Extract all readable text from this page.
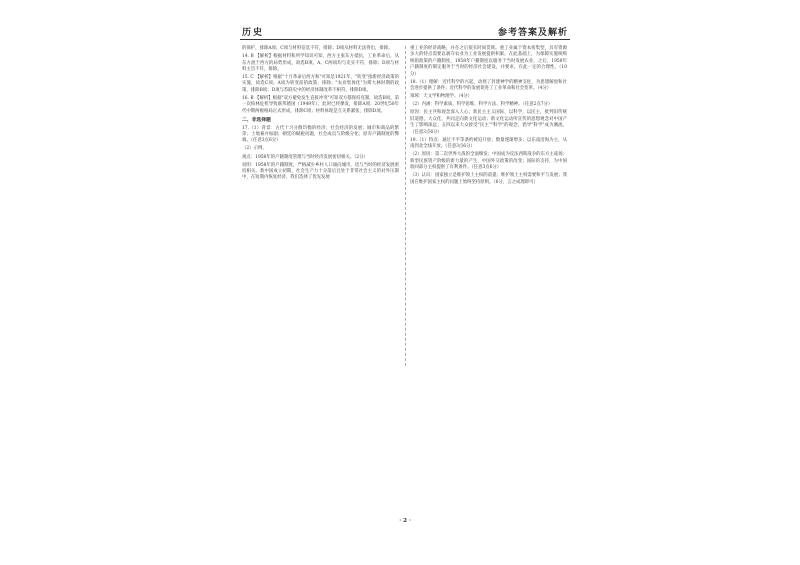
历史	参考答案及解析
的保护，排除A项；C项与材料信息不符，排除；D项从材料无法得出，排除。
14. B 【解析】根据材料和所学知识可知，西方主张东方抵抗，工业革命后，从东方流于西方的局势形成，故选B项。A、C两项均与史实不符，排除；D项与材料主旨不符，排除。
15. C 【解析】根据"十月革命后西方和"可知是1921年，"转变"指新经济政策的实施，故选C项。A项为转变前的政策，排除；"农业集体化"为斯大林时期的政策，排除B项；D项与苏联史中的经济体制改革不相符，排除D项。
16. B 【解析】根据"双方避免发生直接冲突"可知双方都保持克制，故选B项。第一次柏林危机导致联邦德国（1949年），此时已经爆发，排除A项；20世纪50年代中期两极格局正式形成，排除C项；材料体现是互关系紧张，排除D项。
二、非选择题
17.（1）背景：古代十习分散均衡的经济；社会经济的发展；城市和商品的繁荣；土地兼并加剧；朝廷的赋税问题，社会成员与阶级分化；原有户籍制度的弊端。（任意3点6分）
（2）示例。
观点：1958年的户籍制度管理与当时经济发展密切相关。（2分）
说明：1958年的户籍制度，严格减少乡村人口涌向城市，适与当时的经济发展密切相关。新中国成立初期，社会生产力十分落后且处于非常社会主义的对外压制中，在短期内恢复经济，我们选择了优先发展
重工业的经济战略，并在之后很长时间贯彻。重工业属于资本密集型，具有资源多大的特点需要以剥夺农业为工业发展提供积累。在此基础上，为保障实施统购统销政策的户籍制度，1958年户籍制度以服务于当时发展农业，之后，1958年户籍制度的制定服务于当时的经济社会建设，并要求，在此一定的合理性。（10分）
18.（1）理解：近代科学的兴起，动摇了封建神学的精神支柱，为思想解放和社会进步提供了条件；近代科学的发展促进了工业革命和社会变革。（4分）
领域：天文学和物理学。（4分）
（2）内涵：科学素质、科学思维、科学方法、科学精神。（任意2点7分）
原因：民主共和观念深入人心；新民主主义国际，以科学，以民主，批判旧传统旧道德，大众化、共同走向新文化运动；新文化运动所宣传的思想观念对中国产生了影响深远；五四以来大众接受"民主""科学"的观念，倡导"科学"成为潮流。（任意3点6分）
19.（1）特点：通过不平等条约被迫开放；数量逐渐增多；以东南沿海为主，从南到北全线开放。（任意3点6分）
（2）原因：第二次世界大战的全面爆发；中国成为反法西斯战争的东方主战场；新型民族资产阶级的新力量的产生，中国外交政策的改变；国际的支持，为中国收回部分主权提供了有利条件。（任意3点6分）
（3）认识：国家独立是维护领土主权的前提；维护领土主权需要和平与发展；我国在维护国家主权的问题上始终坚持原则。（6分，言之成理即可）
· 2 ·
